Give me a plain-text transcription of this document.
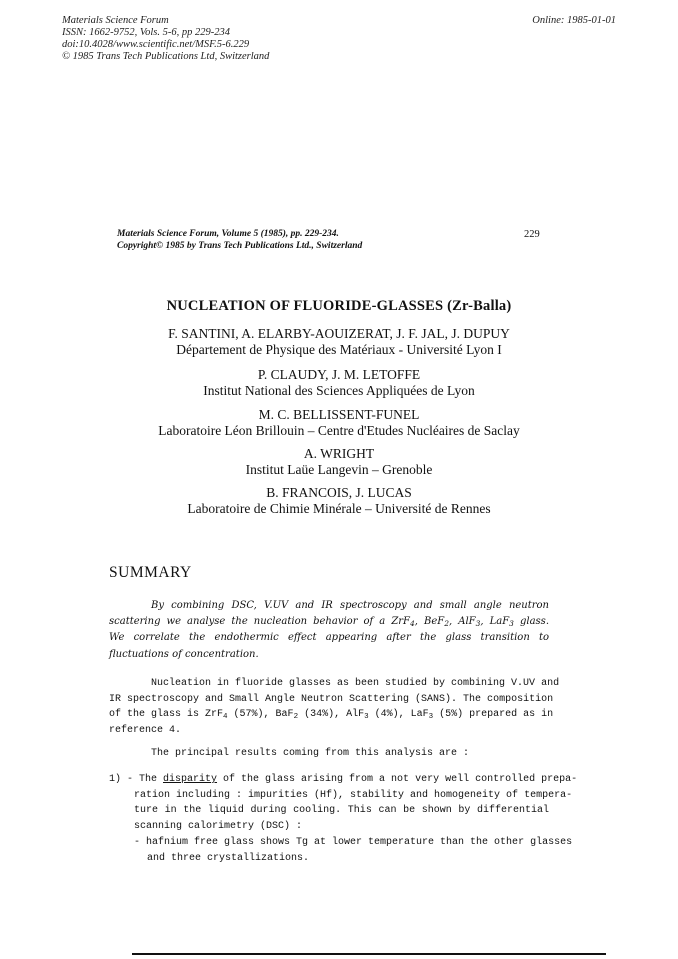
Materials Science Forum
ISSN: 1662-9752, Vols. 5-6, pp 229-234
doi:10.4028/www.scientific.net/MSF.5-6.229
© 1985 Trans Tech Publications Ltd, Switzerland
Online: 1985-01-01
Materials Science Forum, Volume 5 (1985), pp. 229-234.
Copyright© 1985 by Trans Tech Publications Ltd., Switzerland
229
NUCLEATION OF FLUORIDE-GLASSES (Zr-Balla)
F. SANTINI, A. ELARBY-AOUIZERAT, J. F. JAL, J. DUPUY
Département de Physique des Matériaux - Université Lyon I
P. CLAUDY, J. M. LETOFFE
Institut National des Sciences Appliquées de Lyon
M. C. BELLISSENT-FUNEL
Laboratoire Léon Brillouin – Centre d'Etudes Nucléaires de Saclay
A. WRIGHT
Institut Laüe Langevin – Grenoble
B. FRANCOIS, J. LUCAS
Laboratoire de Chimie Minérale – Université de Rennes
SUMMARY
By combining DSC, V.UV and IR spectroscopy and small angle neutron
scattering we analyse the nucleation behavior of a ZrF$_4$, BeF$_2$, AlF$_3$, LaF$_3$ glass.
We correlate the endothermic effect appearing after the glass transition to
fluctuations of concentration.
Nucleation in fluoride glasses as been studied by combining V.UV and
IR spectroscopy and Small Angle Neutron Scattering (SANS). The composition
of the glass is ZrF$_4$ (57%), BaF$_2$ (34%), AlF$_3$ (4%), LaF$_3$ (5%) prepared as in
reference 4.
The principal results coming from this analysis are :
1) - The disparity of the glass arising from a not very well controlled prepa-
ration including : impurities (Hf), stability and homogeneity of tempera-
ture in the liquid during cooling. This can be shown by differential
scanning calorimetry (DSC) :
- hafnium free glass shows Tg at lower temperature than the other glasses
and three crystallizations.
